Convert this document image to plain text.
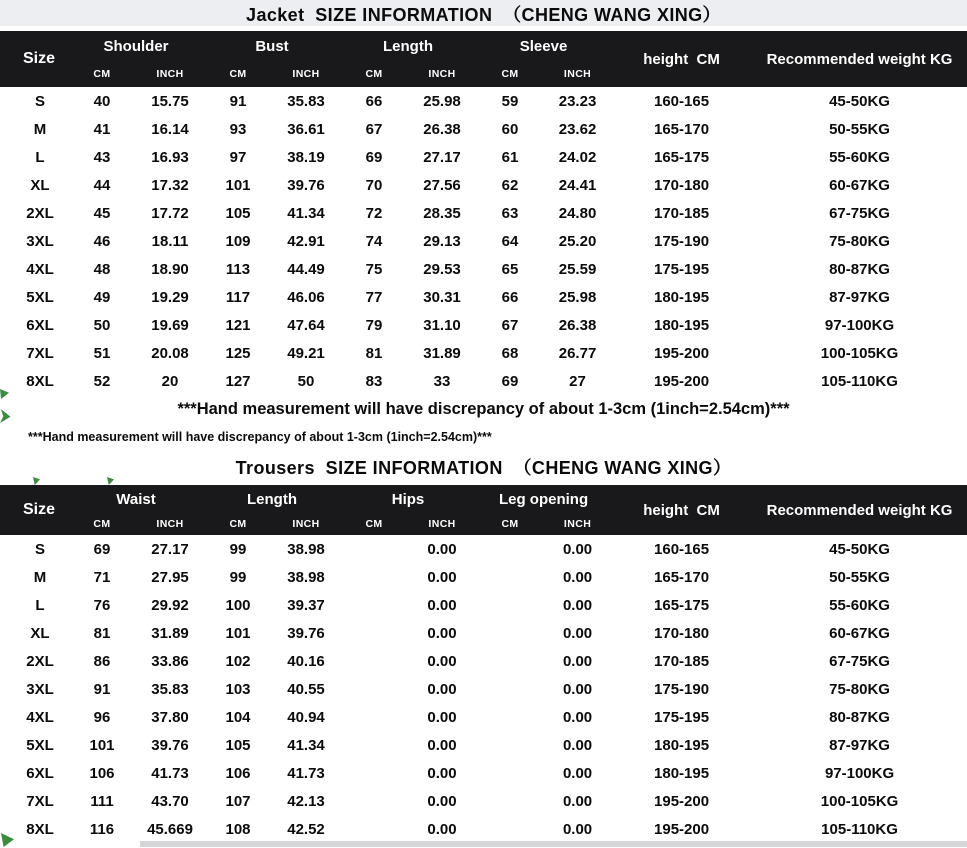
Jacket  SIZE INFORMATION  （CHENG WANG XING）
Size	Shoulder		Bust		Length		Sleeve		height  CM	Recommended weight KG
	CM	INCH	CM	INCH	CM	INCH	CM	INCH		
S	40	15.75	91	35.83	66	25.98	59	23.23	160-165	45-50KG
M	41	16.14	93	36.61	67	26.38	60	23.62	165-170	50-55KG
L	43	16.93	97	38.19	69	27.17	61	24.02	165-175	55-60KG
XL	44	17.32	101	39.76	70	27.56	62	24.41	170-180	60-67KG
2XL	45	17.72	105	41.34	72	28.35	63	24.80	170-185	67-75KG
3XL	46	18.11	109	42.91	74	29.13	64	25.20	175-190	75-80KG
4XL	48	18.90	113	44.49	75	29.53	65	25.59	175-195	80-87KG
5XL	49	19.29	117	46.06	77	30.31	66	25.98	180-195	87-97KG
6XL	50	19.69	121	47.64	79	31.10	67	26.38	180-195	97-100KG
7XL	51	20.08	125	49.21	81	31.89	68	26.77	195-200	100-105KG
8XL	52	20	127	50	83	33	69	27	195-200	105-110KG
***Hand measurement will have discrepancy of about 1-3cm (1inch=2.54cm)***
***Hand measurement will have discrepancy of about 1-3cm (1inch=2.54cm)***
Trousers  SIZE INFORMATION  （CHENG WANG XING）
Size	Waist		Length		Hips		Leg opening		height  CM	Recommended weight KG
	CM	INCH	CM	INCH	CM	INCH	CM	INCH		
S	69	27.17	99	38.98		0.00		0.00	160-165	45-50KG
M	71	27.95	99	38.98		0.00		0.00	165-170	50-55KG
L	76	29.92	100	39.37		0.00		0.00	165-175	55-60KG
XL	81	31.89	101	39.76		0.00		0.00	170-180	60-67KG
2XL	86	33.86	102	40.16		0.00		0.00	170-185	67-75KG
3XL	91	35.83	103	40.55		0.00		0.00	175-190	75-80KG
4XL	96	37.80	104	40.94		0.00		0.00	175-195	80-87KG
5XL	101	39.76	105	41.34		0.00		0.00	180-195	87-97KG
6XL	106	41.73	106	41.73		0.00		0.00	180-195	97-100KG
7XL	111	43.70	107	42.13		0.00		0.00	195-200	100-105KG
8XL	116	45.669	108	42.52		0.00		0.00	195-200	105-110KG
